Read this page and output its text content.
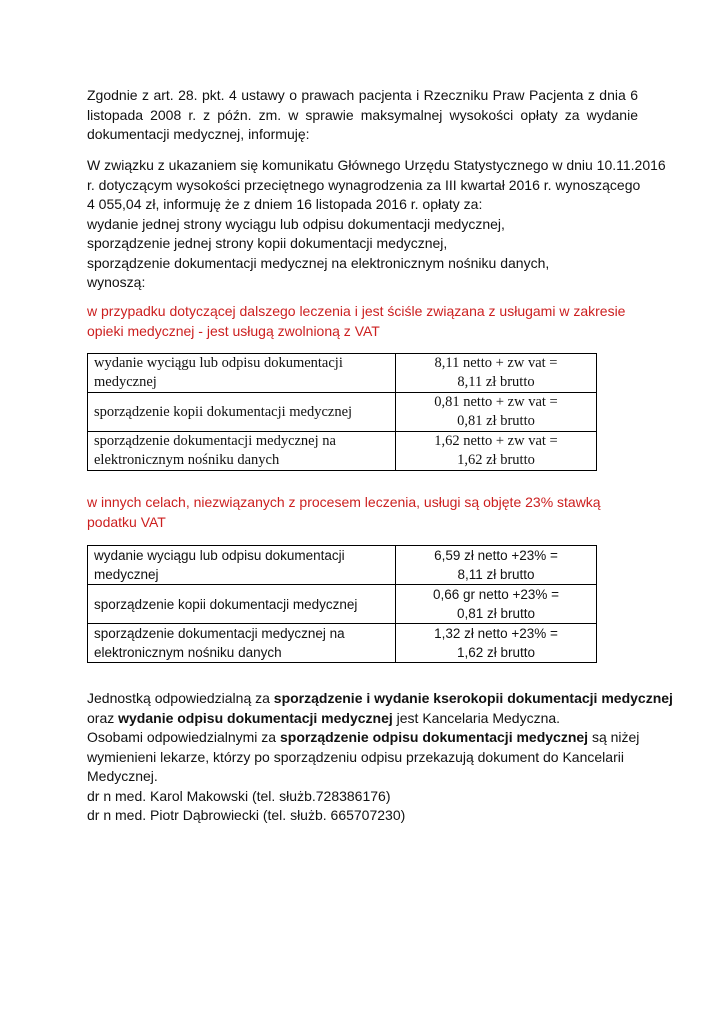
Zgodnie z art. 28. pkt. 4 ustawy o prawach pacjenta i Rzeczniku Praw Pacjenta z dnia 6 listopada 2008 r. z późn. zm. w sprawie maksymalnej wysokości opłaty za wydanie dokumentacji medycznej, informuję:
W związku z ukazaniem się komunikatu Głównego Urzędu Statystycznego w dniu 10.11.2016
r. dotyczącym wysokości przeciętnego wynagrodzenia za III kwartał 2016 r. wynoszącego
4 055,04 zł, informuję że z dniem 16 listopada 2016 r. opłaty za:
wydanie jednej strony wyciągu lub odpisu dokumentacji medycznej,
sporządzenie jednej strony kopii dokumentacji medycznej,
sporządzenie dokumentacji medycznej na elektronicznym nośniku danych,
wynoszą:
w przypadku dotyczącej dalszego leczenia i jest ściśle związana z usługami w zakresie opieki medycznej - jest usługą zwolnioną z VAT
wydanie wyciągu lub odpisu dokumentacji medycznej	8,11 netto + zw vat =
8,11 zł brutto
sporządzenie kopii dokumentacji medycznej	0,81 netto + zw vat =
0,81 zł brutto
sporządzenie dokumentacji medycznej na elektronicznym nośniku danych	1,62 netto + zw vat =
1,62 zł brutto
w innych celach, niezwiązanych z procesem leczenia, usługi są objęte 23% stawką podatku VAT
wydanie wyciągu lub odpisu dokumentacji medycznej	6,59 zł netto +23% =
8,11 zł brutto
sporządzenie kopii dokumentacji medycznej	0,66 gr netto +23% =
0,81 zł brutto
sporządzenie dokumentacji medycznej na elektronicznym nośniku danych	1,32 zł netto +23% =
1,62 zł brutto
Jednostką odpowiedzialną za sporządzenie i wydanie kserokopii dokumentacji medycznej
oraz wydanie odpisu dokumentacji medycznej jest Kancelaria Medyczna.
Osobami odpowiedzialnymi za sporządzenie odpisu dokumentacji medycznej są niżej
wymienieni lekarze, którzy po sporządzeniu odpisu przekazują dokument do Kancelarii
Medycznej.
dr n med. Karol Makowski (tel. służb.728386176)
dr n med. Piotr Dąbrowiecki (tel. służb. 665707230)
